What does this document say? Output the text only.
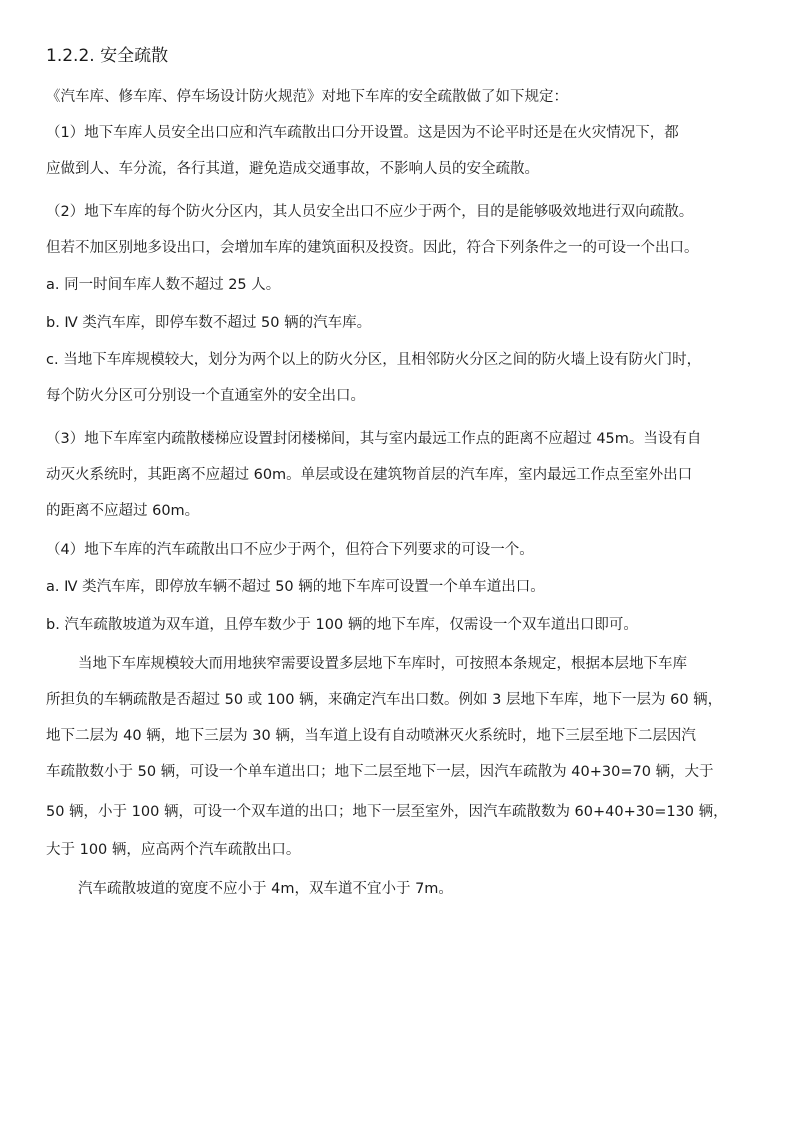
1.2.2. 安全疏散
《汽车库、修车库、停车场设计防火规范》对地下车库的安全疏散做了如下规定：
（1）地下车库人员安全出口应和汽车疏散出口分开设置。这是因为不论平时还是在火灾情况下，都
应做到人、车分流，各行其道，避免造成交通事故，不影响人员的安全疏散。
（2）地下车库的每个防火分区内，其人员安全出口不应少于两个，目的是能够吸效地进行双向疏散。
但若不加区别地多设出口，会增加车库的建筑面积及投资。因此，符合下列条件之一的可设一个出口。
a. 同一时间车库人数不超过 25 人。
b. Ⅳ 类汽车库，即停车数不超过 50 辆的汽车库。
c. 当地下车库规模较大，划分为两个以上的防火分区，且相邻防火分区之间的防火墙上设有防火门时，
每个防火分区可分别设一个直通室外的安全出口。
（3）地下车库室内疏散楼梯应设置封闭楼梯间，其与室内最远工作点的距离不应超过 45m。当设有自
动灭火系统时，其距离不应超过 60m。单层或设在建筑物首层的汽车库，室内最远工作点至室外出口
的距离不应超过 60m。
（4）地下车库的汽车疏散出口不应少于两个，但符合下列要求的可设一个。
a. Ⅳ 类汽车库，即停放车辆不超过 50 辆的地下车库可设置一个单车道出口。
b. 汽车疏散坡道为双车道，且停车数少于 100 辆的地下车库，仅需设一个双车道出口即可。
当地下车库规模较大而用地狭窄需要设置多层地下车库时，可按照本条规定，根据本层地下车库
所担负的车辆疏散是否超过 50 或 100 辆，来确定汽车出口数。例如 3 层地下车库，地下一层为 60 辆，
地下二层为 40 辆，地下三层为 30 辆，当车道上设有自动喷淋灭火系统时，地下三层至地下二层因汽
车疏散数小于 50 辆，可设一个单车道出口；地下二层至地下一层，因汽车疏散为 40+30=70 辆，大于
50 辆，小于 100 辆，可设一个双车道的出口；地下一层至室外，因汽车疏散数为 60+40+30=130 辆，
大于 100 辆，应高两个汽车疏散出口。
汽车疏散坡道的宽度不应小于 4m，双车道不宜小于 7m。
